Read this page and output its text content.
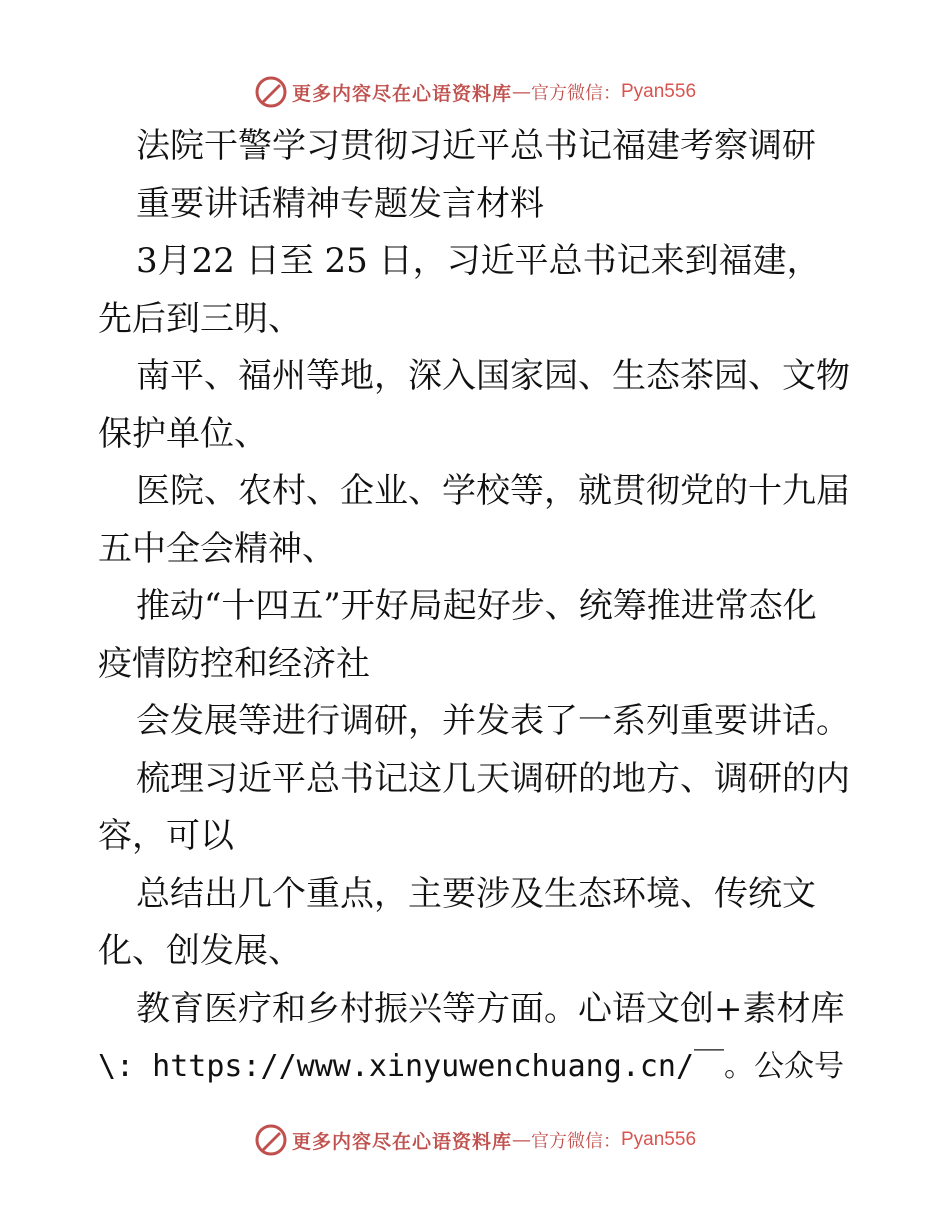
更多内容尽在心语资料库 — 官方微信： Pyan556
法院干警学习贯彻习近平总书记福建考察调研
重要讲话精神专题发言材料
3月22 日至 25 日，习近平总书记来到福建，
先后到三明、
南平、福州等地，深入国家园、生态茶园、文物
保护单位、
医院、农村、企业、学校等，就贯彻党的十九届
五中全会精神、
推动“十四五”开好局起好步、统筹推进常态化
疫情防控和经济社
会发展等进行调研，并发表了一系列重要讲话。
梳理习近平总书记这几天调研的地方、调研的内
容，可以
总结出几个重点，主要涉及生态环境、传统文
化、创发展、
教育医疗和乡村振兴等方面。心语文创+素材库
\: https://www.xinyuwenchuang.cn/￣。公众号
更多内容尽在心语资料库 — 官方微信： Pyan556
